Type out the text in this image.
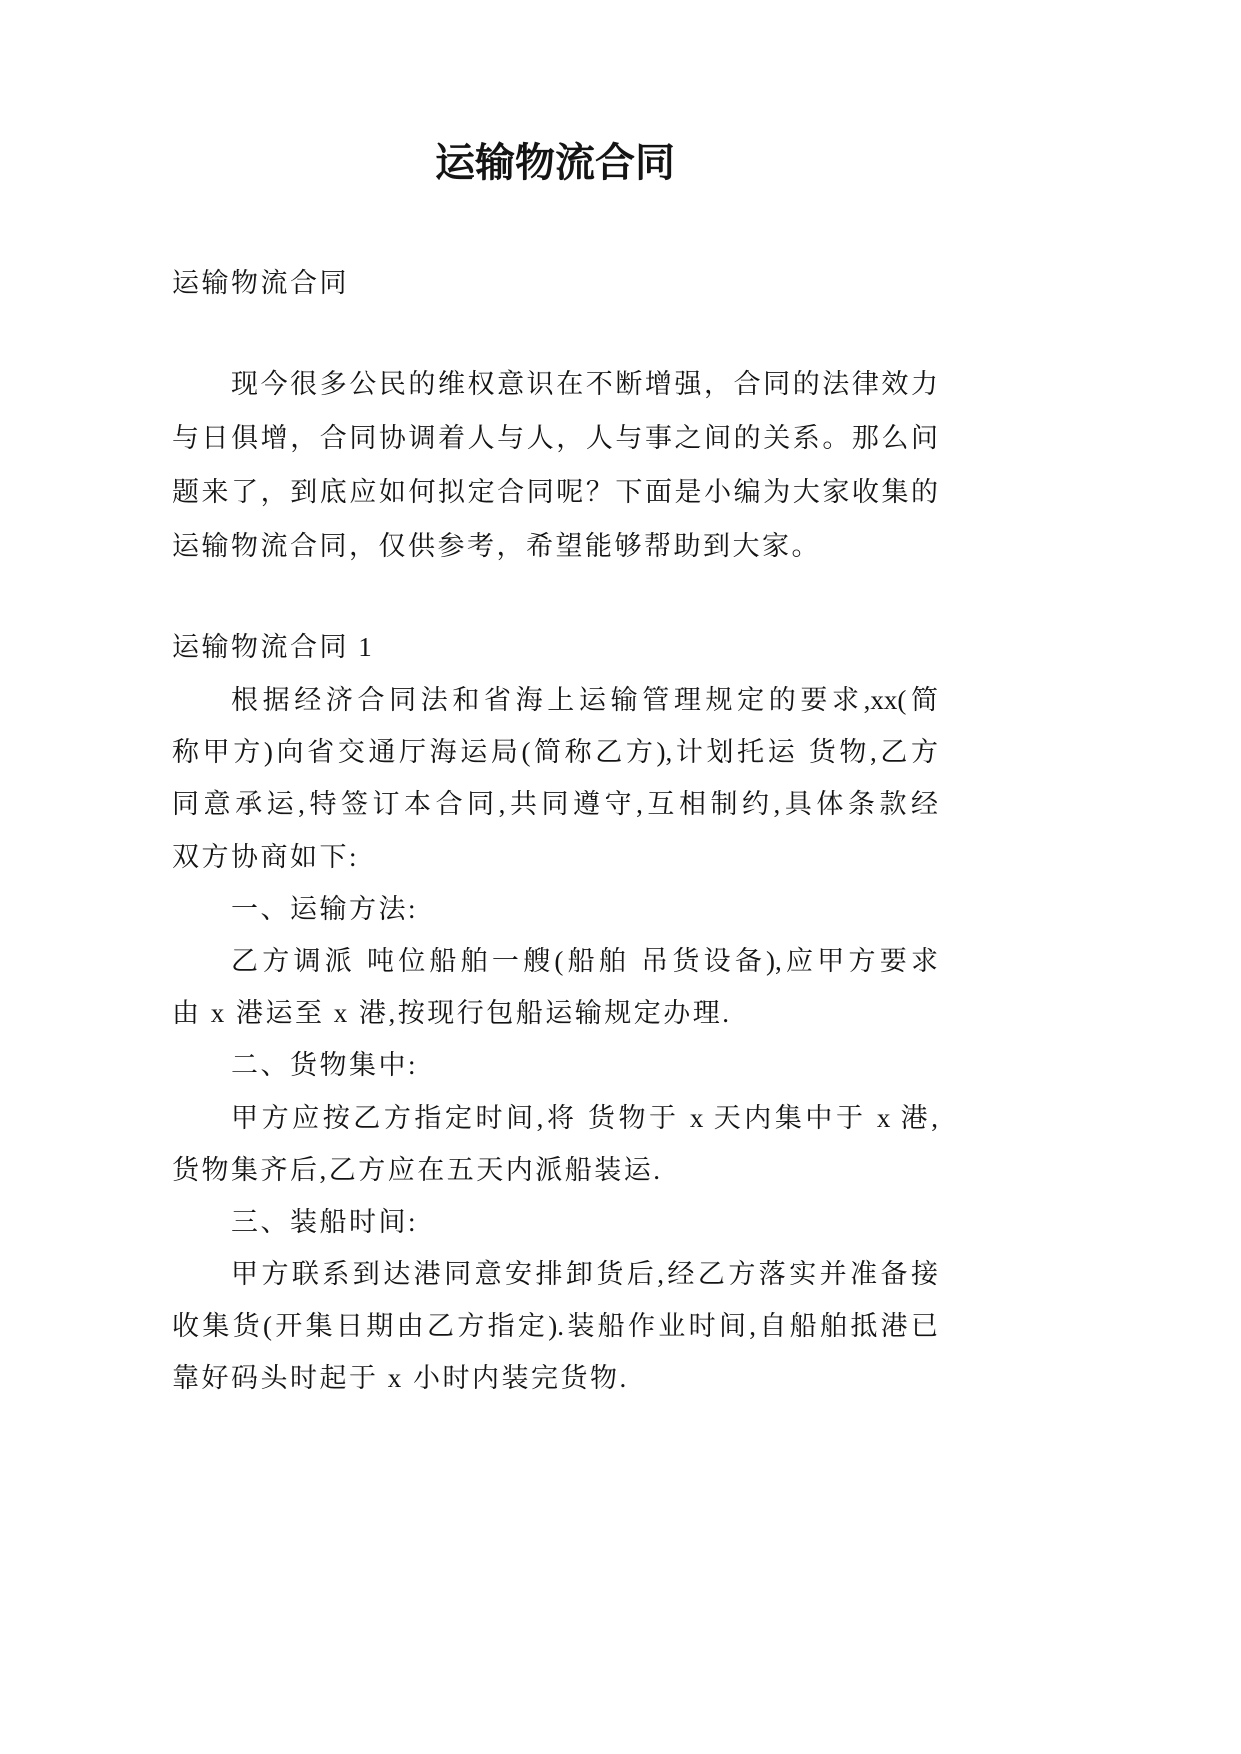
运输物流合同
运输物流合同
现今很多公民的维权意识在不断增强，合同的法律效力
与日俱增，合同协调着人与人，人与事之间的关系。那么问
题来了，到底应如何拟定合同呢？下面是小编为大家收集的
运输物流合同，仅供参考，希望能够帮助到大家。
运输物流合同 1
根据经济合同法和省海上运输管理规定的要求,xx(简
称甲方)向省交通厅海运局(简称乙方),计划托运 货物,乙方
同意承运,特签订本合同,共同遵守,互相制约,具体条款经
双方协商如下:
一、运输方法:
乙方调派 吨位船舶一艘(船舶 吊货设备),应甲方要求
由 x 港运至 x 港,按现行包船运输规定办理.
二、货物集中:
甲方应按乙方指定时间,将 货物于 x 天内集中于 x 港,
货物集齐后,乙方应在五天内派船装运.
三、装船时间:
甲方联系到达港同意安排卸货后,经乙方落实并准备接
收集货(开集日期由乙方指定).装船作业时间,自船舶抵港已
靠好码头时起于 x 小时内装完货物.
